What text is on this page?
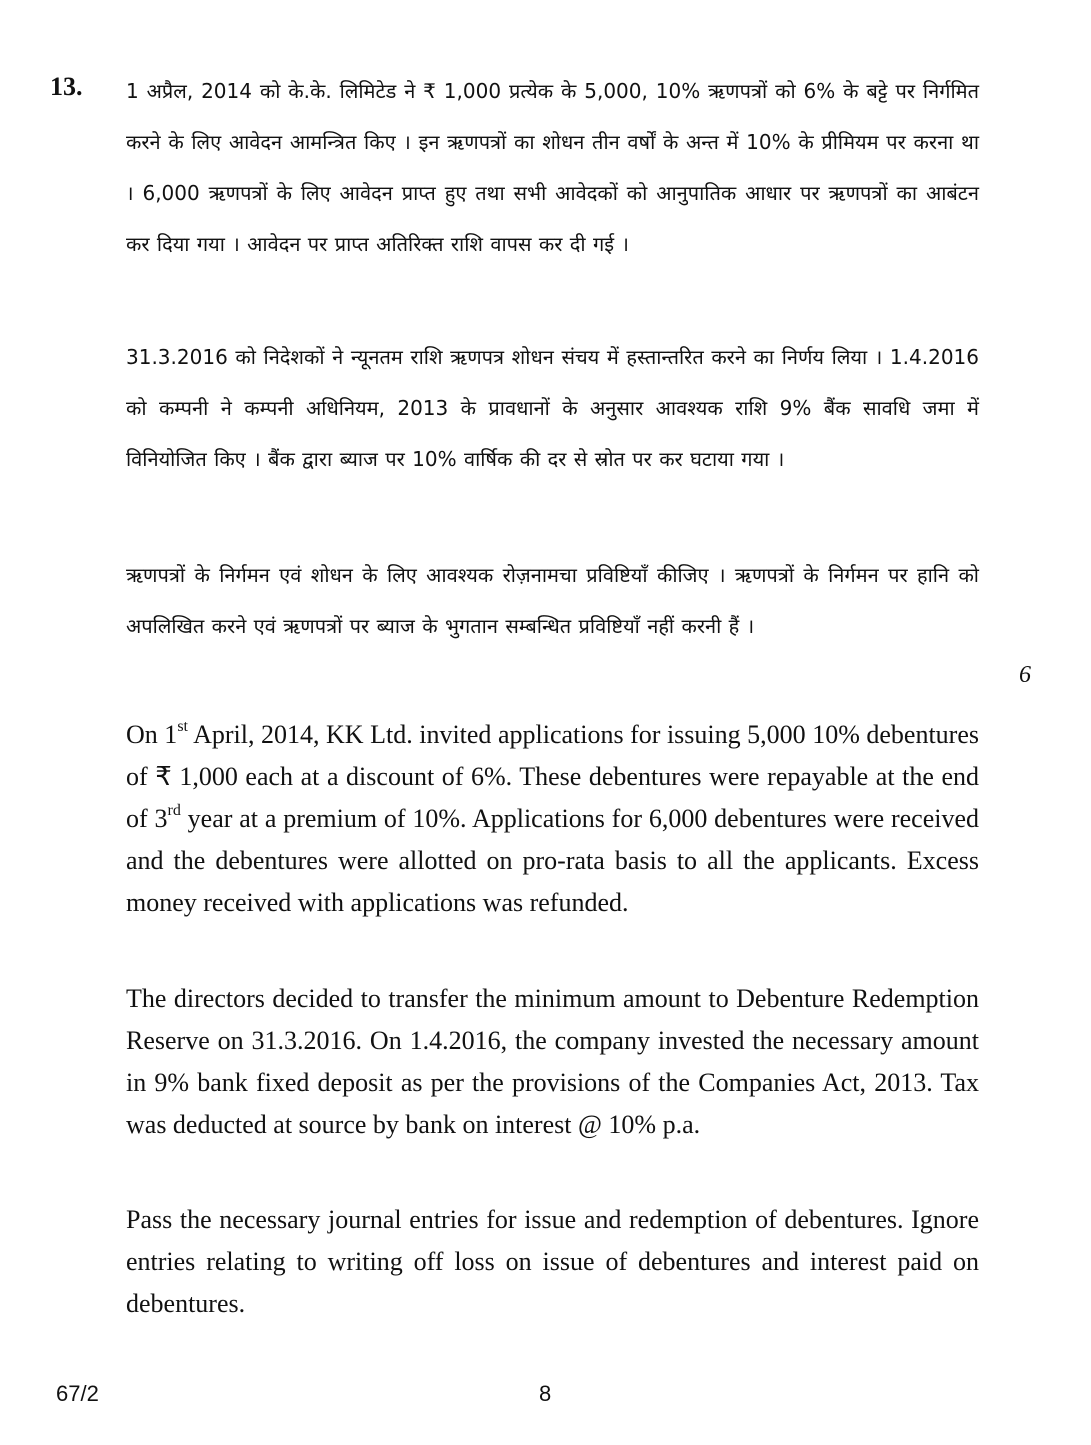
13. 1 अप्रैल, 2014 को के.के. लिमिटेड ने ₹ 1,000 प्रत्येक के 5,000, 10% ऋणपत्रों को 6% के बट्टे पर निर्गमित करने के लिए आवेदन आमन्त्रित किए । इन ऋणपत्रों का शोधन तीन वर्षों के अन्त में 10% के प्रीमियम पर करना था । 6,000 ऋणपत्रों के लिए आवेदन प्राप्त हुए तथा सभी आवेदकों को आनुपातिक आधार पर ऋणपत्रों का आबंटन कर दिया गया । आवेदन पर प्राप्त अतिरिक्त राशि वापस कर दी गई ।

31.3.2016 को निदेशकों ने न्यूनतम राशि ऋणपत्र शोधन संचय में हस्तान्तरित करने का निर्णय लिया । 1.4.2016 को कम्पनी ने कम्पनी अधिनियम, 2013 के प्रावधानों के अनुसार आवश्यक राशि 9% बैंक सावधि जमा में विनियोजित किए । बैंक द्वारा ब्याज पर 10% वार्षिक की दर से स्रोत पर कर घटाया गया ।

ऋणपत्रों के निर्गमन एवं शोधन के लिए आवश्यक रोज़नामचा प्रविष्टियाँ कीजिए । ऋणपत्रों के निर्गमन पर हानि को अपलिखित करने एवं ऋणपत्रों पर ब्याज के भुगतान सम्बन्धित प्रविष्टियाँ नहीं करनी हैं ।

6

On 1st April, 2014, KK Ltd. invited applications for issuing 5,000 10% debentures of ₹ 1,000 each at a discount of 6%. These debentures were repayable at the end of 3rd year at a premium of 10%. Applications for 6,000 debentures were received and the debentures were allotted on pro-rata basis to all the applicants. Excess money received with applications was refunded.

The directors decided to transfer the minimum amount to Debenture Redemption Reserve on 31.3.2016. On 1.4.2016, the company invested the necessary amount in 9% bank fixed deposit as per the provisions of the Companies Act, 2013. Tax was deducted at source by bank on interest @ 10% p.a.

Pass the necessary journal entries for issue and redemption of debentures. Ignore entries relating to writing off loss on issue of debentures and interest paid on debentures.

67/2	8
